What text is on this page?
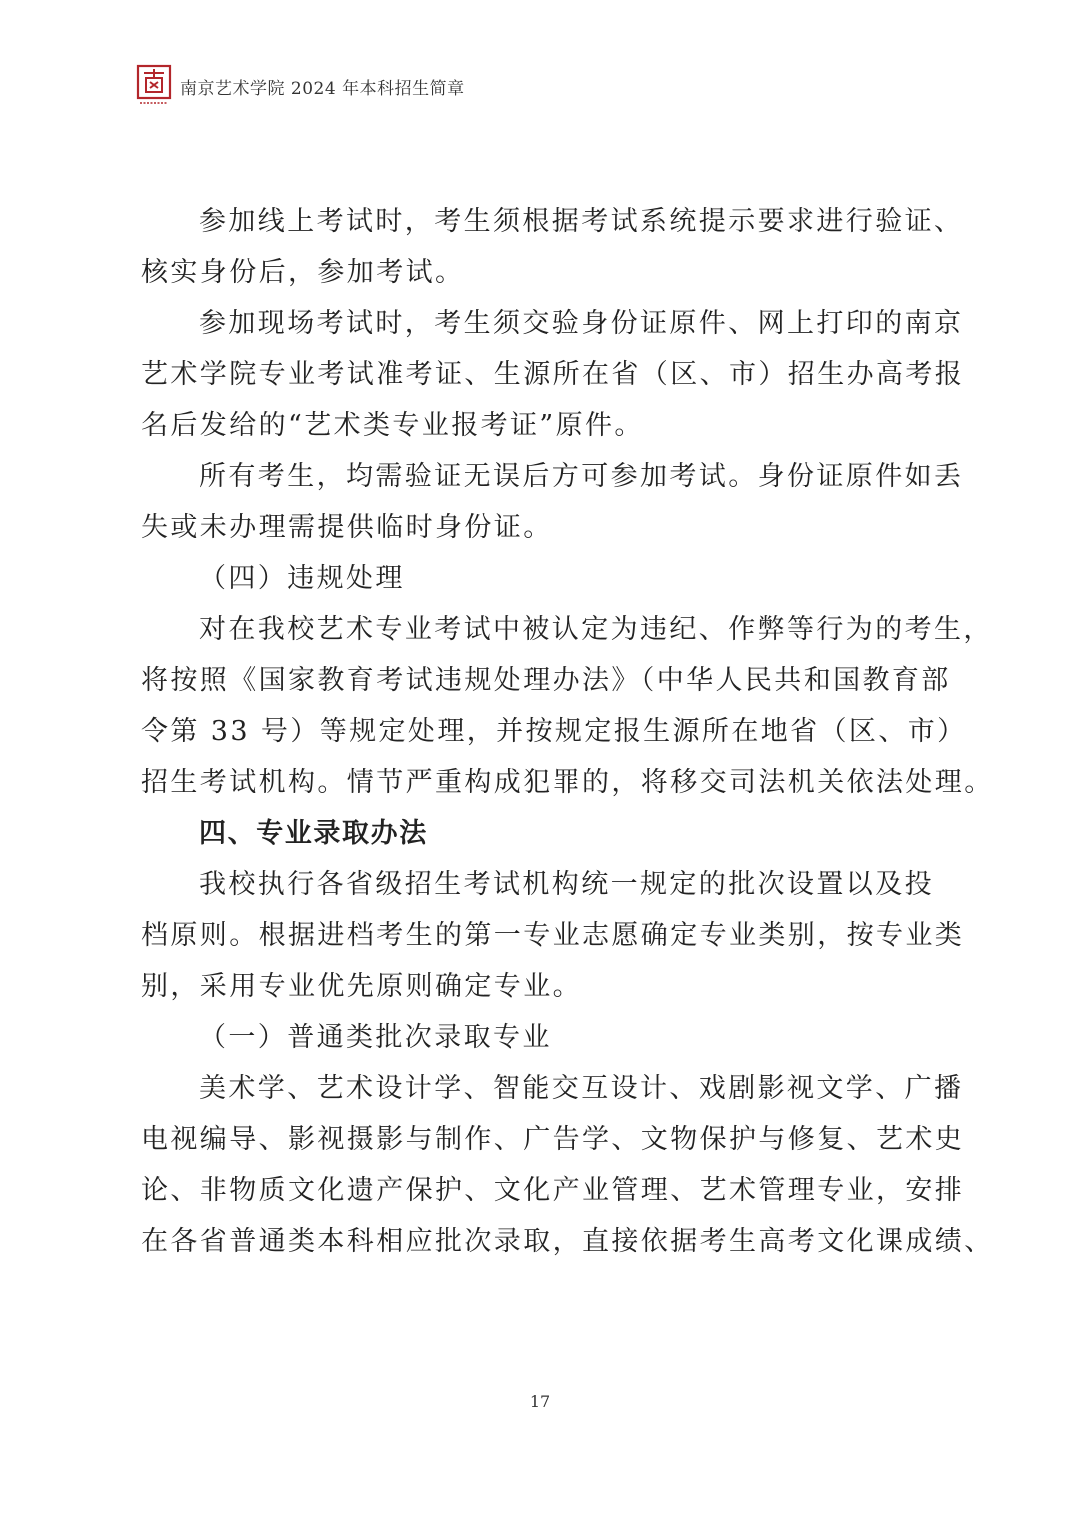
南京艺术学院 2024 年本科招生简章
参加线上考试时，考生须根据考试系统提示要求进行验证、
核实身份后，参加考试。
参加现场考试时，考生须交验身份证原件、网上打印的南京
艺术学院专业考试准考证、生源所在省（区、市）招生办高考报
名后发给的“艺术类专业报考证”原件。
所有考生，均需验证无误后方可参加考试。身份证原件如丢
失或未办理需提供临时身份证。
（四）违规处理
对在我校艺术专业考试中被认定为违纪、作弊等行为的考生，
将按照《国家教育考试违规处理办法》（中华人民共和国教育部
令第 33 号）等规定处理，并按规定报生源所在地省（区、市）
招生考试机构。情节严重构成犯罪的，将移交司法机关依法处理。
四、专业录取办法
我校执行各省级招生考试机构统一规定的批次设置以及投
档原则。根据进档考生的第一专业志愿确定专业类别，按专业类
别，采用专业优先原则确定专业。
（一）普通类批次录取专业
美术学、艺术设计学、智能交互设计、戏剧影视文学、广播
电视编导、影视摄影与制作、广告学、文物保护与修复、艺术史
论、非物质文化遗产保护、文化产业管理、艺术管理专业，安排
在各省普通类本科相应批次录取，直接依据考生高考文化课成绩、
17
